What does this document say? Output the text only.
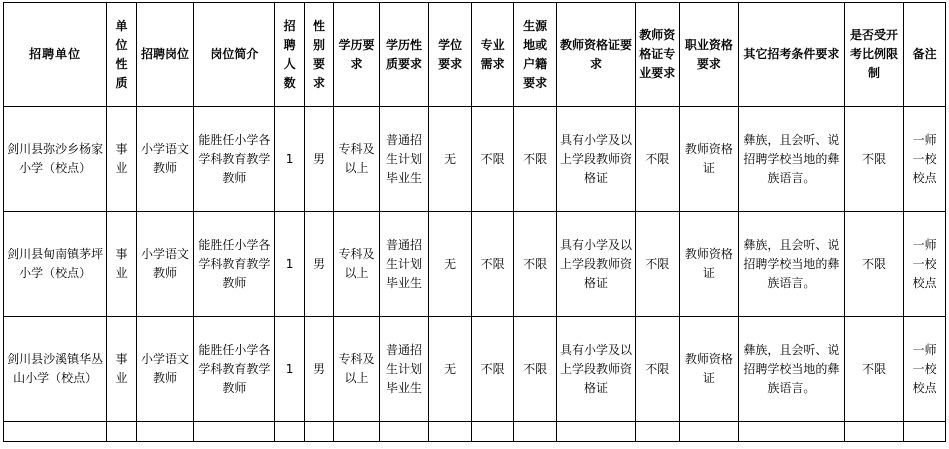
招聘单位	单位性质	招聘岗位	岗位简介	招聘人数	性别要求	学历要求	学历性质要求	学位要求	专业需求	生源地或户籍要求	教师资格证要求	教师资格证专业要求	职业资格要求	其它招考条件要求	是否受开考比例限制	备注
剑川县弥沙乡杨家小学（校点）	事业	小学语文教师	能胜任小学各学科教育教学教师	1	男	专科及以上	普通招生计划毕业生	无	不限	不限	具有小学及以上学段教师资格证	不限	教师资格证	彝族，且会听、说招聘学校当地的彝族语言。	不限	一师一校校点
剑川县甸南镇茅坪小学（校点）	事业	小学语文教师	能胜任小学各学科教育教学教师	1	男	专科及以上	普通招生计划毕业生	无	不限	不限	具有小学及以上学段教师资格证	不限	教师资格证	彝族，且会听、说招聘学校当地的彝族语言。	不限	一师一校校点
剑川县沙溪镇华丛山小学（校点）	事业	小学语文教师	能胜任小学各学科教育教学教师	1	男	专科及以上	普通招生计划毕业生	无	不限	不限	具有小学及以上学段教师资格证	不限	教师资格证	彝族，且会听、说招聘学校当地的彝族语言。	不限	一师一校校点
